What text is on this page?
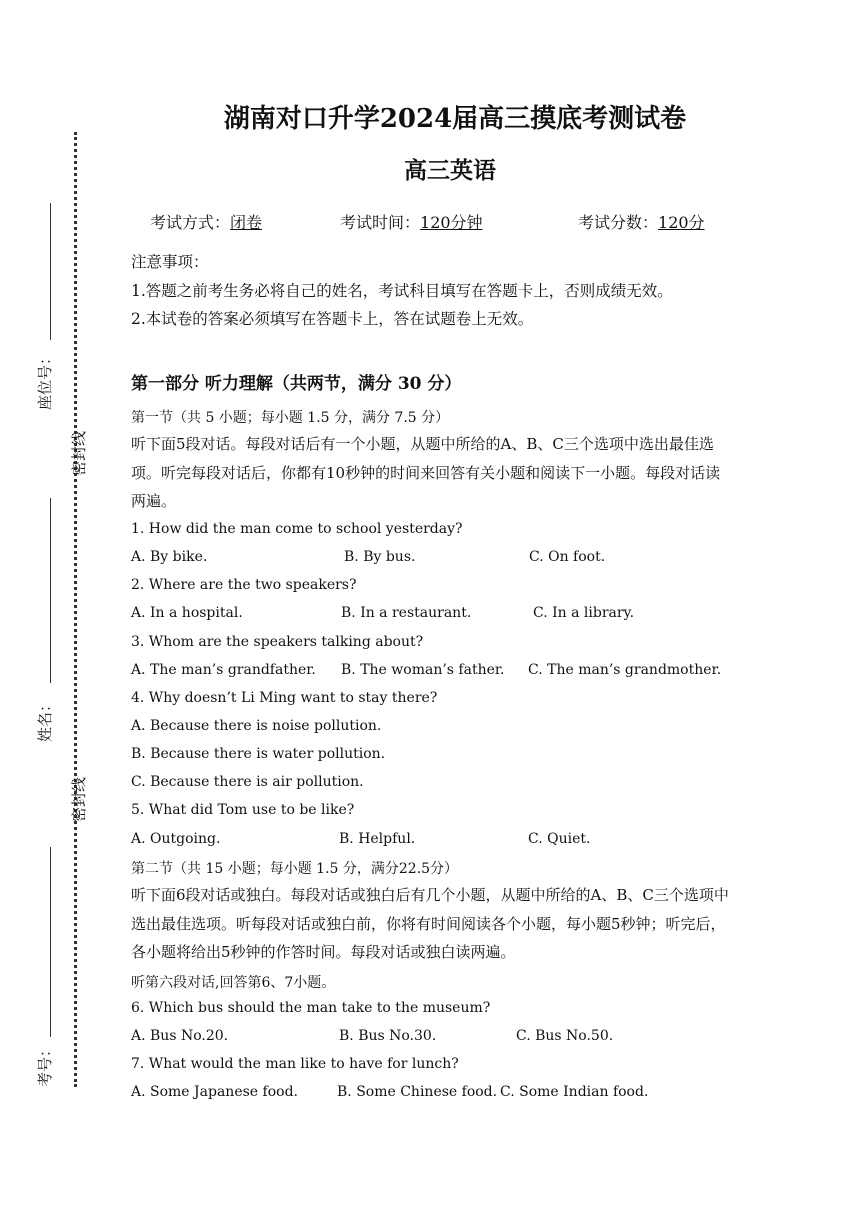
座位号：
密封线
姓名：
密封线
考号：
湖南对口升学2024届高三摸底考测试卷
高三英语
考试方式：闭卷	考试时间：120分钟	考试分数：120分
注意事项：
1.答题之前考生务必将自己的姓名，考试科目填写在答题卡上，否则成绩无效。
2.本试卷的答案必须填写在答题卡上，答在试题卷上无效。
第一部分 听力理解（共两节，满分 30 分）
第一节（共 5 小题；每小题 1.5 分，满分 7.5 分）
听下面5段对话。每段对话后有一个小题，从题中所给的A、B、C三个选项中选出最佳选项。听完每段对话后，你都有10秒钟的时间来回答有关小题和阅读下一小题。每段对话读两遍。
1. How did the man come to school yesterday?
A. By bike.	B. By bus.	C. On foot.
2. Where are the two speakers?
A. In a hospital.	B. In a restaurant.	C. In a library.
3. Whom are the speakers talking about?
A. The man’s grandfather. B. The woman’s father. C. The man’s grandmother.
4. Why doesn’t Li Ming want to stay there?
A. Because there is noise pollution.
B. Because there is water pollution.
C. Because there is air pollution.
5. What did Tom use to be like?
A. Outgoing.	B. Helpful.	C. Quiet.
第二节（共 15 小题；每小题 1.5 分，满分22.5分）
听下面6段对话或独白。每段对话或独白后有几个小题，从题中所给的A、B、C三个选项中选出最佳选项。听每段对话或独白前，你将有时间阅读各个小题，每小题5秒钟；听完后，各小题将给出5秒钟的作答时间。每段对话或独白读两遍。
听第六段对话,回答第6、7小题。
6. Which bus should the man take to the museum?
A. Bus No.20.	B. Bus No.30.	C. Bus No.50.
7. What would the man like to have for lunch?
A. Some Japanese food.	B. Some Chinese food. C. Some Indian food.
